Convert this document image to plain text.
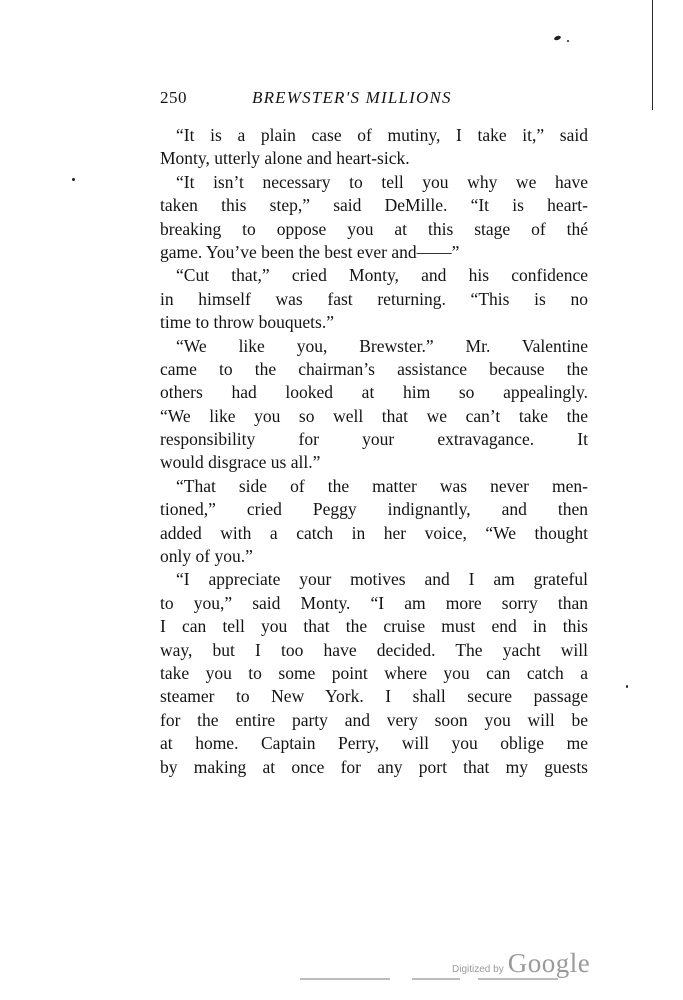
250	BREWSTER'S MILLIONS
“It is a plain case of mutiny, I take it,” said
Monty, utterly alone and heart-sick.
“It isn’t necessary to tell you why we have
taken this step,” said DeMille. “It is heart-
breaking to oppose you at this stage of thé
game. You’ve been the best ever and——”
“Cut that,” cried Monty, and his confidence
in himself was fast returning. “This is no
time to throw bouquets.”
“We like you, Brewster.” Mr. Valentine
came to the chairman’s assistance because the
others had looked at him so appealingly.
“We like you so well that we can’t take the
responsibility for your extravagance. It
would disgrace us all.”
“That side of the matter was never men-
tioned,” cried Peggy indignantly, and then
added with a catch in her voice, “We thought
only of you.”
“I appreciate your motives and I am grateful
to you,” said Monty. “I am more sorry than
I can tell you that the cruise must end in this
way, but I too have decided. The yacht will
take you to some point where you can catch a
steamer to New York. I shall secure passage
for the entire party and very soon you will be
at home. Captain Perry, will you oblige me
by making at once for any port that my guests
Digitized by Google
